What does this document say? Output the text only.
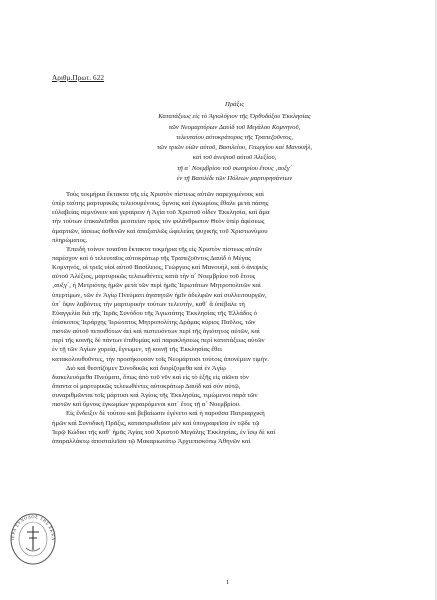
Αριθμ.Πρωτ. 622
Πράξις
Κατατάξεως εἰς τὸ Ἁγιολόγιον τῆς Ὀρθοδόξου Ἐκκλησίας
τῶν Νεομαρτύρων Δαυὶδ τοῦ Μεγάλου Κομνηνοῦ,
τελευταίου αὐτοκράτορος τῆς Τραπεζοῦντος,
τῶν τριῶν υἱῶν αὐτοῦ, Βασιλείου, Γεωργίου καὶ Μανουήλ,
καὶ τοῦ ἀνεψιοῦ αὐτοῦ Ἀλεξίου,
τῇ α´ Νοεμβρίου τοῦ σωτηρίου ἔτους ‚αυξγ´
ἐν τῇ Βασιλίδι τῶν Πόλεων μαρτυρησάντων
Τοὺς τεκμήρια ἔκτακτα τῆς εἰς Χριστὸν πίστεως αὐτῶν παρεχομένους καὶ
ὑπὲρ ταύτης μαρτυρικῶς τελειουμένους, ὕμνοις καὶ ἐγκωμίοις ἔθαλε μετὰ πάσης
εὐλαβείας σεμνύνειν καὶ γεραίρειν ἡ Ἁγία τοῦ Χριστοῦ οἶδεν Ἐκκλησία, καὶ ἅμα
τὴν τούτων ἐπικαλεῖσθαι μεσιτείαν πρὸς τὸν φιλάνθρωπον Θεὸν ὑπὲρ ἀφέσεως
ἁμαρτιῶν, ἰάσεως ἀσθενῶν καὶ ἀπαξαπλῶς ὠφελείας ψυχικῆς τοῦ Χριστωνύμου
πληρώματος.
Ἐπειδὴ τοίνυν τοιαῦτα ἔκτακτα τεκμήρια τῆς εἰς Χριστὸν πίστεως αὐτῶν
παρέσχον καὶ ὁ τελευταῖος αὐτοκράτωρ τῆς Τραπεζοῦντος Δαυὶδ ὁ Μέγας
Κομνηνός, οἱ τρεῖς υἱοὶ αὐτοῦ Βασίλειος, Γεώργιος καὶ Μανουήλ, καὶ ὁ ἀνεψιὸς
αὐτοῦ Ἀλέξιος, μαρτυρικῶς τελειωθέντες κατὰ τὴν α´ Νοεμβρίου τοῦ ἔτους
‚αυξγ´, ἡ Μετριότης ἡμῶν μετὰ τῶν περὶ ἡμᾶς Ἱερωτάτων Μητροπολιτῶν καὶ
ὑπερτίμων, τῶν ἐν Ἁγίῳ Πνεύματι ἀγαπητῶν ἡμῖν ἀδελφῶν καὶ συλλειτουργῶν,
ὑπ᾽ ὄψιν λαβόντες τὴν μαρτυρικὴν τούτων τελευτήν, καθ᾽ ἃ ὑπέβαλε τὴ
Εὐαγγελία διὰ τῆς Ἱερᾶς Συνόδου τῆς Ἁγιωτάτης Ἐκκλησίας τῆς Ἑλλάδος ὁ
ἐπίσκοπος Ἱεράρχης Ἱερώτατος Μητροπολίτης Δράμας κύριος Παῦλος, τῶν
πιστῶν αὐτοῦ πεποιθότων ἀεὶ καὶ πιστευόντων περὶ τῆς ἁγιότητος αὐτῶν, καὶ
περὶ τῆς κοινῆς δὲ πάντων ἐπιθυμίας καὶ παρακλήσεως περὶ κατατάξεως αὐτῶν
ἐν τῇ τῶν Ἁγίων χορείᾳ, ἔγνωμεν, τῇ κοινῇ τῆς Ἐκκλησίας ἔθει
κατακολουθοῦντες, τὴν προσήκουσαν τοῖς Νεομάρτυσι τούτοις ἀπονέμειν τιμήν.
Διὸ καὶ θεσπίζομεν Συνοδικῶς καὶ διορίζομεθα καὶ ἐν Ἁγίῳ
διακελευόμεθα Πνεύματι, ὅπως ἀπὸ τοῦ νῦν καὶ εἰς τὸ ἑξῆς εἰς αἰῶνα τὸν
ἅπαντα οἱ μαρτυρικῶς τελειωθέντες αὐτοκράτωρ Δαυὶδ καὶ σὺν αὐτῷ,
συναριθμῶνται τοῖς μάρτυσι καὶ Ἁγίοις τῆς Ἐκκλησίας, τιμώμενοι παρὰ τῶν
πιστῶν καὶ ὕμνοις ἐγκωμίων γεραιρόμενοι κατ᾽ ἔτος τῇ α´ Νοεμβρίου.
Εἰς ἔνδειξιν δὲ τούτου καὶ βεβαίωσιν ἐγένετο καὶ ἡ παροῦσα Πατριαρχικὴ
ἡμῶν καὶ Συνοδικὴ Πρᾶξις, καταστρωθεῖσα μὲν καὶ ὑπογραφεῖσα ἐν τῷδε τῷ
Ἱερῷ Κώδικι τῆς καθ᾽ ἡμᾶς Ἁγίας τοῦ Χριστοῦ Μεγάλης Ἐκκλησίας, ἐν ἴσῳ δὲ καὶ
ἀπαραλλάκτῳ ἀποσταλεῖσα τῷ Μακαριωτάτῳ Ἀρχιεπισκόπῳ Ἀθηνῶν καὶ
ΙΕΡΑ ΣΥΝΟΔΟΣ ΤΗΣ ΕΚΚΛ
1
